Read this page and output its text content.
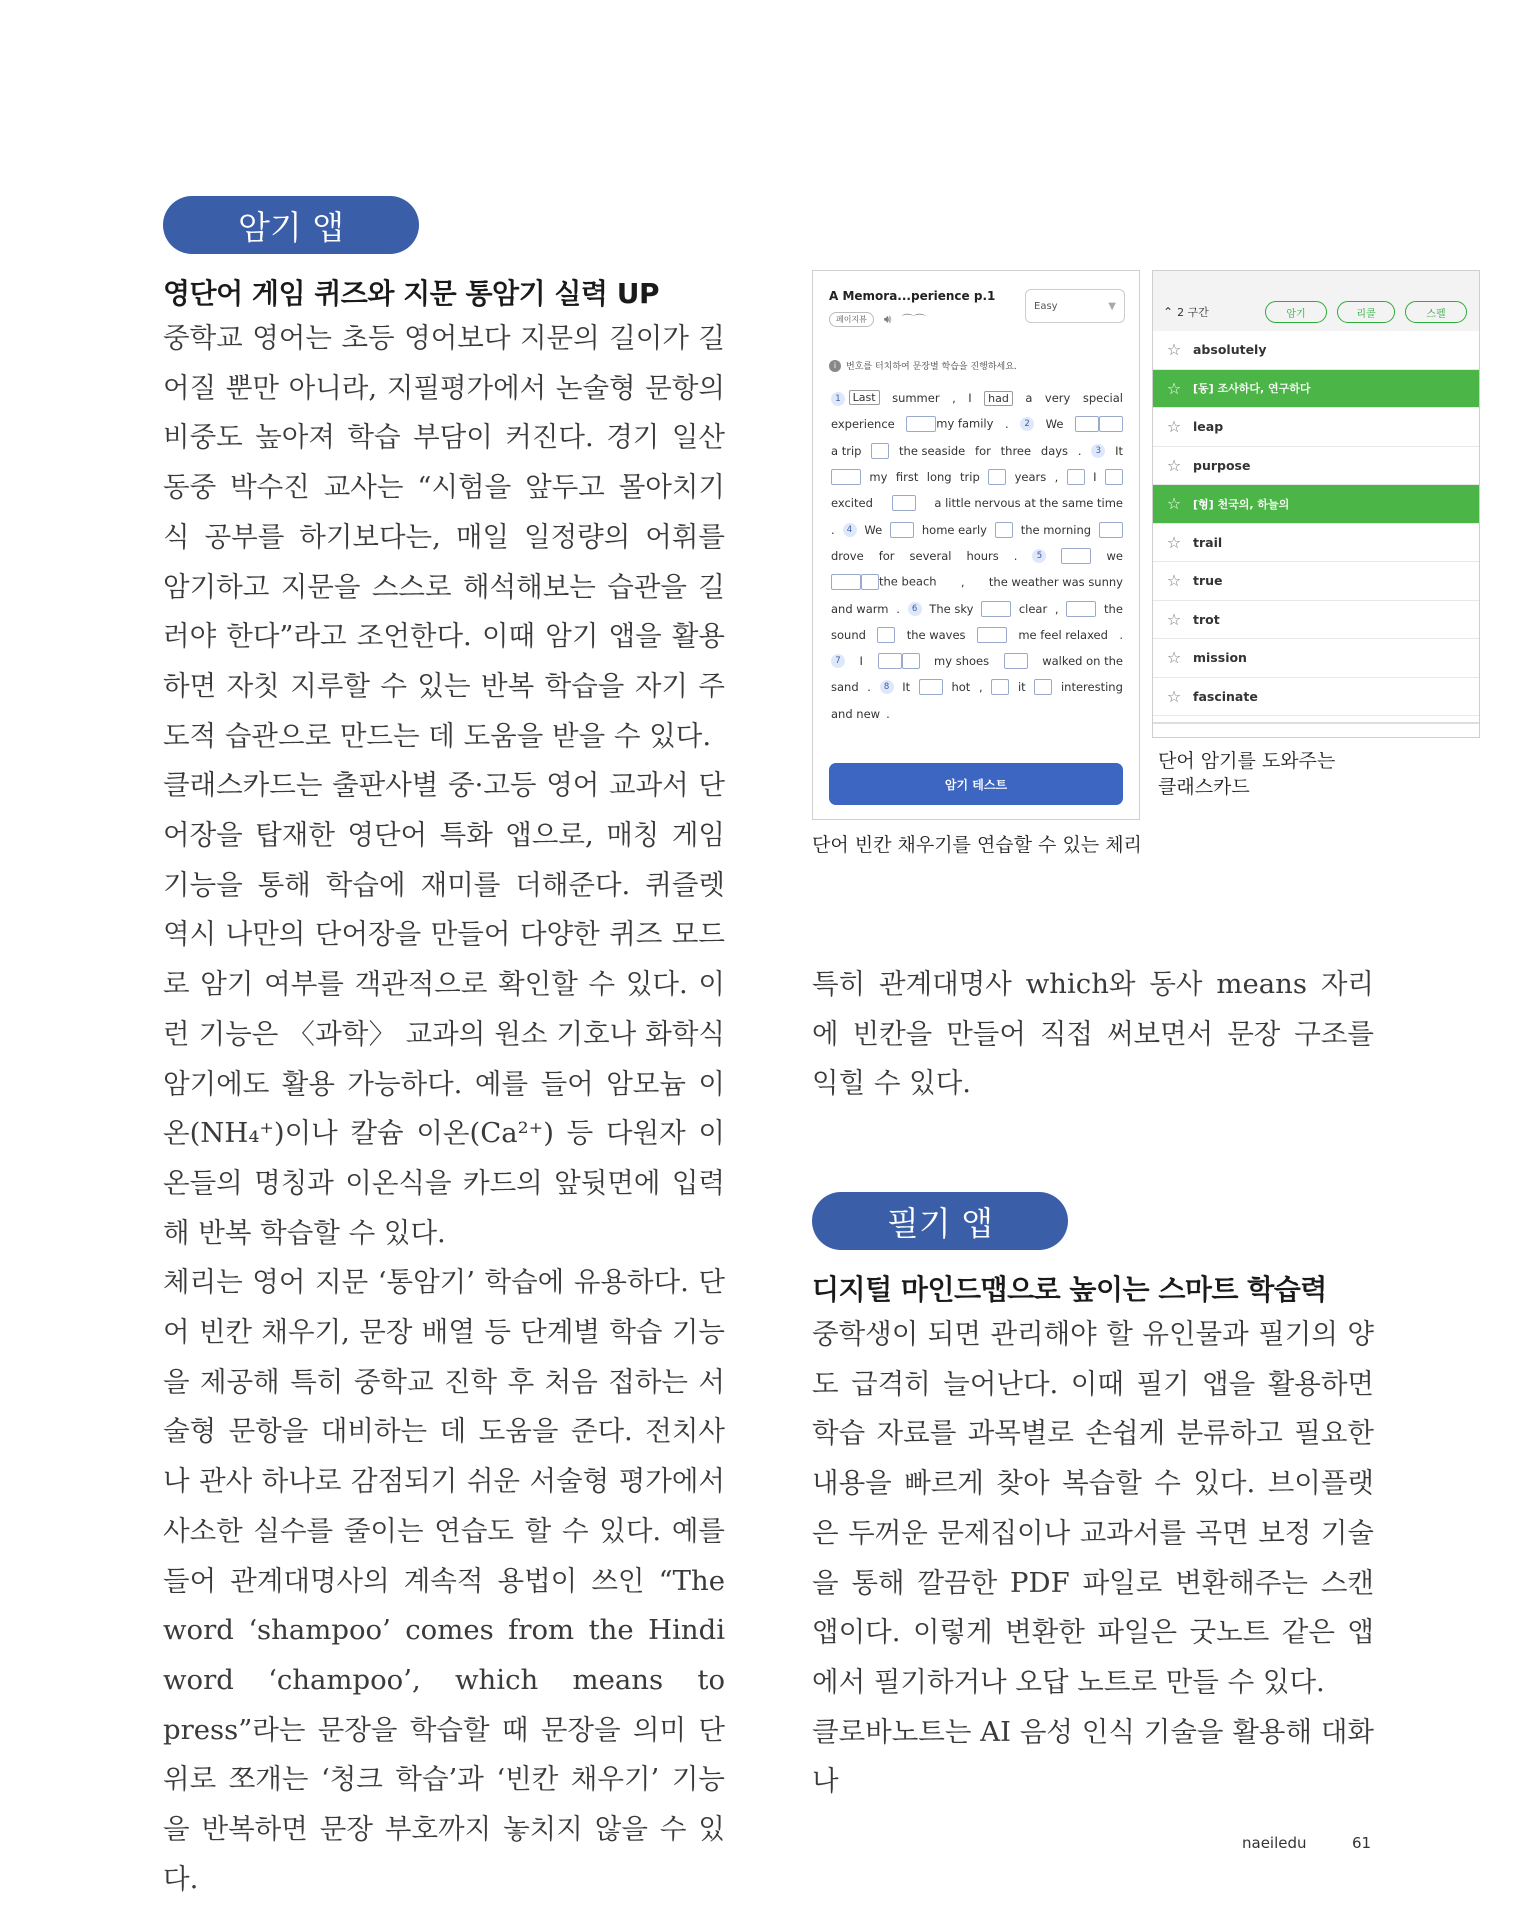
암기 앱
영단어 게임 퀴즈와 지문 통암기 실력 UP

중학교 영어는 초등 영어보다 지문의 길이가 길어질 뿐만 아니라, 지필평가에서 논술형 문항의 비중도 높아져 학습 부담이 커진다. 경기 일산동중 박수진 교사는 “시험을 앞두고 몰아치기식 공부를 하기보다는, 매일 일정량의 어휘를 암기하고 지문을 스스로 해석해보는 습관을 길러야 한다”라고 조언한다. 이때 암기 앱을 활용하면 자칫 지루할 수 있는 반복 학습을 자기 주도적 습관으로 만드는 데 도움을 받을 수 있다.

클래스카드는 출판사별 중·고등 영어 교과서 단어장을 탑재한 영단어 특화 앱으로, 매칭 게임 기능을 통해 학습에 재미를 더해준다. 퀴즐렛 역시 나만의 단어장을 만들어 다양한 퀴즈 모드로 암기 여부를 객관적으로 확인할 수 있다. 이런 기능은 〈과학〉 교과의 원소 기호나 화학식 암기에도 활용 가능하다. 예를 들어 암모늄 이온(NH₄⁺)이나 칼슘 이온(Ca²⁺) 등 다원자 이온들의 명칭과 이온식을 카드의 앞뒷면에 입력해 반복 학습할 수 있다.

체리는 영어 지문 ‘통암기’ 학습에 유용하다. 단어 빈칸 채우기, 문장 배열 등 단계별 학습 기능을 제공해 특히 중학교 진학 후 처음 접하는 서술형 문항을 대비하는 데 도움을 준다. 전치사나 관사 하나로 감점되기 쉬운 서술형 평가에서 사소한 실수를 줄이는 연습도 할 수 있다. 예를 들어 관계대명사의 계속적 용법이 쓰인 “The word ‘shampoo’ comes from the Hindi word ‘champoo’, which means to press”라는 문장을 학습할 때 문장을 의미 단위로 쪼개는 ‘청크 학습’과 ‘빈칸 채우기’ 기능을 반복하면 문장 부호까지 놓치지 않을 수 있다.

A Memora...perience p.1
페이지뷰	🔊︎ ⌒⌒
Easy	▼
i	번호를 터치하여 문장별 학습을 진행하세요.
1 Last	summer , I	had	a very special
experience	my family .	2	We
a trip	the seaside for three days .	3	It
my first long trip	years ,	I
excited	a little nervous at the same time
.	4	We	home early	the morning
drove for several hours .	5	we
the beach , the weather was sunny
and warm .	6	The sky	clear ,	the
sound	the waves	me feel relaxed .
7	I	my shoes	walked on the
sand .	8	It	hot ,	it	interesting
and new .
암기 테스트
단어 빈칸 채우기를 연습할 수 있는 체리
⌃ 2 구간	암기	리콜	스펠
☆ absolutely
☆	[동] 조사하다, 연구하다
☆ leap
☆ purpose
☆	[형] 천국의, 하늘의
☆ trail
☆ true
☆ trot
☆ mission
☆ fascinate
단어 암기를 도와주는
클래스카드

특히 관계대명사 which와 동사 means 자리에 빈칸을 만들어 직접 써보면서 문장 구조를 익힐 수 있다.

필기 앱
디지털 마인드맵으로 높이는 스마트 학습력

중학생이 되면 관리해야 할 유인물과 필기의 양도 급격히 늘어난다. 이때 필기 앱을 활용하면 학습 자료를 과목별로 손쉽게 분류하고 필요한 내용을 빠르게 찾아 복습할 수 있다. 브이플랫은 두꺼운 문제집이나 교과서를 곡면 보정 기술을 통해 깔끔한 PDF 파일로 변환해주는 스캔 앱이다. 이렇게 변환한 파일은 굿노트 같은 앱에서 필기하거나 오답 노트로 만들 수 있다.

클로바노트는 AI 음성 인식 기술을 활용해 대화나

naeiledu	61
